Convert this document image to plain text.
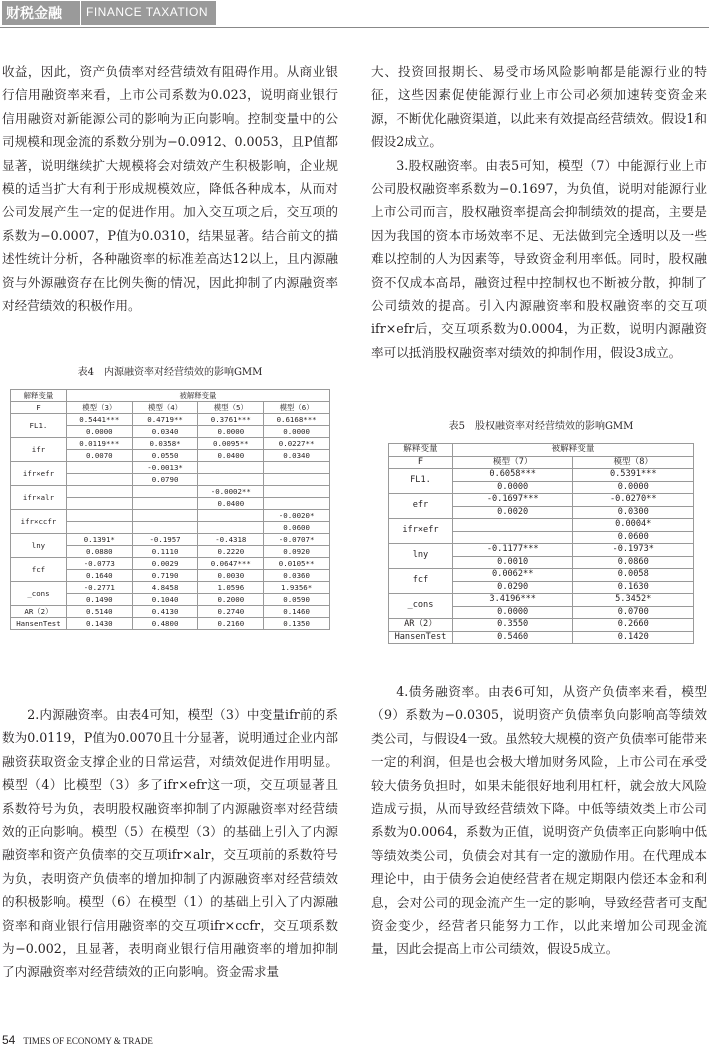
财税金融 FINANCE TAXATION

收益，因此，资产负债率对经营绩效有阻碍作用。从商业银行信用融资率来看，上市公司系数为0.023，说明商业银行信用融资对新能源公司的影响为正向影响。控制变量中的公司规模和现金流的系数分别为−0.0912、0.0053，且P值都显著，说明继续扩大规模将会对绩效产生积极影响，企业规模的适当扩大有利于形成规模效应，降低各种成本，从而对公司发展产生一定的促进作用。加入交互项之后，交互项的系数为−0.0007，P值为0.0310，结果显著。结合前文的描述性统计分析，各种融资率的标准差高达12以上，且内源融资与外源融资存在比例失衡的情况，因此抑制了内源融资率对经营绩效的积极作用。

表4　内源融资率对经营绩效的影响GMM
解释变量	被解释变量			
F	模型（3）	模型（4）	模型（5）	模型（6）
FL1.	0.5441***	0.4719**	0.3761***	0.6168***
	0.0000	0.0340	0.0000	0.0000
ifr	0.0119***	0.0358*	0.0095**	0.0227**
	0.0070	0.0550	0.0400	0.0340
ifr×efr		-0.0013*		
		0.0790		
ifr×alr			-0.0002**	
			0.0400	
ifr×ccfr				-0.0020*
				0.0600
lny	0.1391*	-0.1957	-0.4318	-0.0707*
	0.0880	0.1110	0.2220	0.0920
fcf	-0.0773	0.0029	0.0647***	0.0105**
	0.1640	0.7190	0.0030	0.0360
_cons	-0.2771	4.8458	1.0596	1.9356*
	0.1490	0.1040	0.2000	0.0590
AR（2）	0.5140	0.4130	0.2740	0.1460
HansenTest	0.1430	0.4800	0.2160	0.1350

2.内源融资率。由表4可知，模型（3）中变量ifr前的系数为0.0119，P值为0.0070且十分显著，说明通过企业内部融资获取资金支撑企业的日常运营，对绩效促进作用明显。模型（4）比模型（3）多了ifr×efr这一项，交互项显著且系数符号为负，表明股权融资率抑制了内源融资率对经营绩效的正向影响。模型（5）在模型（3）的基础上引入了内源融资率和资产负债率的交互项ifr×alr，交互项前的系数符号为负，表明资产负债率的增加抑制了内源融资率对经营绩效的积极影响。模型（6）在模型（1）的基础上引入了内源融资率和商业银行信用融资率的交互项ifr×ccfr，交互项系数为−0.002，且显著，表明商业银行信用融资率的增加抑制了内源融资率对经营绩效的正向影响。资金需求量

大、投资回报期长、易受市场风险影响都是能源行业的特征，这些因素促使能源行业上市公司必须加速转变资金来源，不断优化融资渠道，以此来有效提高经营绩效。假设1和假设2成立。

3.股权融资率。由表5可知，模型（7）中能源行业上市公司股权融资率系数为−0.1697，为负值，说明对能源行业上市公司而言，股权融资率提高会抑制绩效的提高，主要是因为我国的资本市场效率不足、无法做到完全透明以及一些难以控制的人为因素等，导致资金利用率低。同时，股权融资不仅成本高昂，融资过程中控制权也不断被分散，抑制了公司绩效的提高。引入内源融资率和股权融资率的交互项ifr×efr后，交互项系数为0.0004，为正数，说明内源融资率可以抵消股权融资率对绩效的抑制作用，假设3成立。

表5　股权融资率对经营绩效的影响GMM
解释变量	被解释变量	
F	模型（7）	模型（8）
FL1.	0.6058***	0.5391***
	0.0000	0.0000
efr	-0.1697***	-0.0270**
	0.0020	0.0300
ifr×efr		0.0004*
		0.0600
lny	-0.1177***	-0.1973*
	0.0010	0.0860
fcf	0.0062**	0.0058
	0.0290	0.1630
_cons	3.4196***	5.3452*
	0.0000	0.0700
AR（2）	0.3550	0.2660
HansenTest	0.5460	0.1420

4.债务融资率。由表6可知，从资产负债率来看，模型（9）系数为−0.0305，说明资产负债率负向影响高等绩效类公司，与假设4一致。虽然较大规模的资产负债率可能带来一定的利润，但是也会极大增加财务风险，上市公司在承受较大债务负担时，如果未能很好地利用杠杆，就会放大风险造成亏损，从而导致经营绩效下降。中低等绩效类上市公司系数为0.0064，系数为正值，说明资产负债率正向影响中低等绩效类公司，负债会对其有一定的激励作用。在代理成本理论中，由于债务会迫使经营者在规定期限内偿还本金和利息，会对公司的现金流产生一定的影响，导致经营者可支配资金变少，经营者只能努力工作，以此来增加公司现金流量，因此会提高上市公司绩效，假设5成立。

54 TIMES OF ECONOMY & TRADE
